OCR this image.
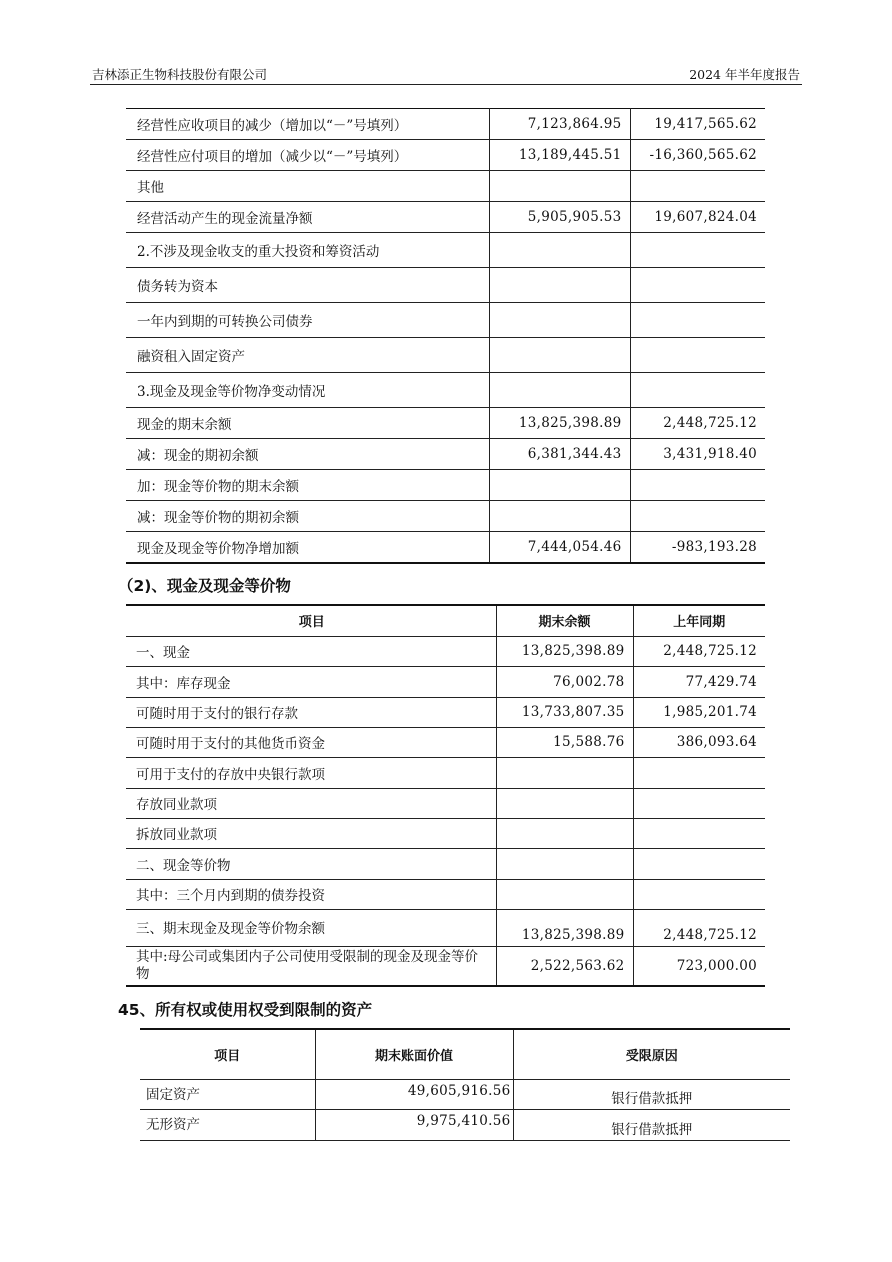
吉林添正生物科技股份有限公司	2024 年半年度报告
经营性应收项目的减少（增加以“－”号填列）	7,123,864.95	19,417,565.62
经营性应付项目的增加（减少以“－”号填列）	13,189,445.51	-16,360,565.62
其他		
经营活动产生的现金流量净额	5,905,905.53	19,607,824.04
2.不涉及现金收支的重大投资和筹资活动		
债务转为资本		
一年内到期的可转换公司债券		
融资租入固定资产		
3.现金及现金等价物净变动情况		
现金的期末余额	13,825,398.89	2,448,725.12
减：现金的期初余额	6,381,344.43	3,431,918.40
加：现金等价物的期末余额		
减：现金等价物的期初余额		
现金及现金等价物净增加额	7,444,054.46	-983,193.28
（2)、现金及现金等价物
项目	期末余额	上年同期
一、现金	13,825,398.89	2,448,725.12
其中：库存现金	76,002.78	77,429.74
可随时用于支付的银行存款	13,733,807.35	1,985,201.74
可随时用于支付的其他货币资金	15,588.76	386,093.64
可用于支付的存放中央银行款项		
存放同业款项		
拆放同业款项		
二、现金等价物		
其中：三个月内到期的债券投资		
三、期末现金及现金等价物余额	13,825,398.89	2,448,725.12
其中:母公司或集团内子公司使用受限制的现金及现金等价物	2,522,563.62	723,000.00
45、所有权或使用权受到限制的资产
项目	期末账面价值	受限原因
固定资产	49,605,916.56	银行借款抵押
无形资产	9,975,410.56	银行借款抵押
